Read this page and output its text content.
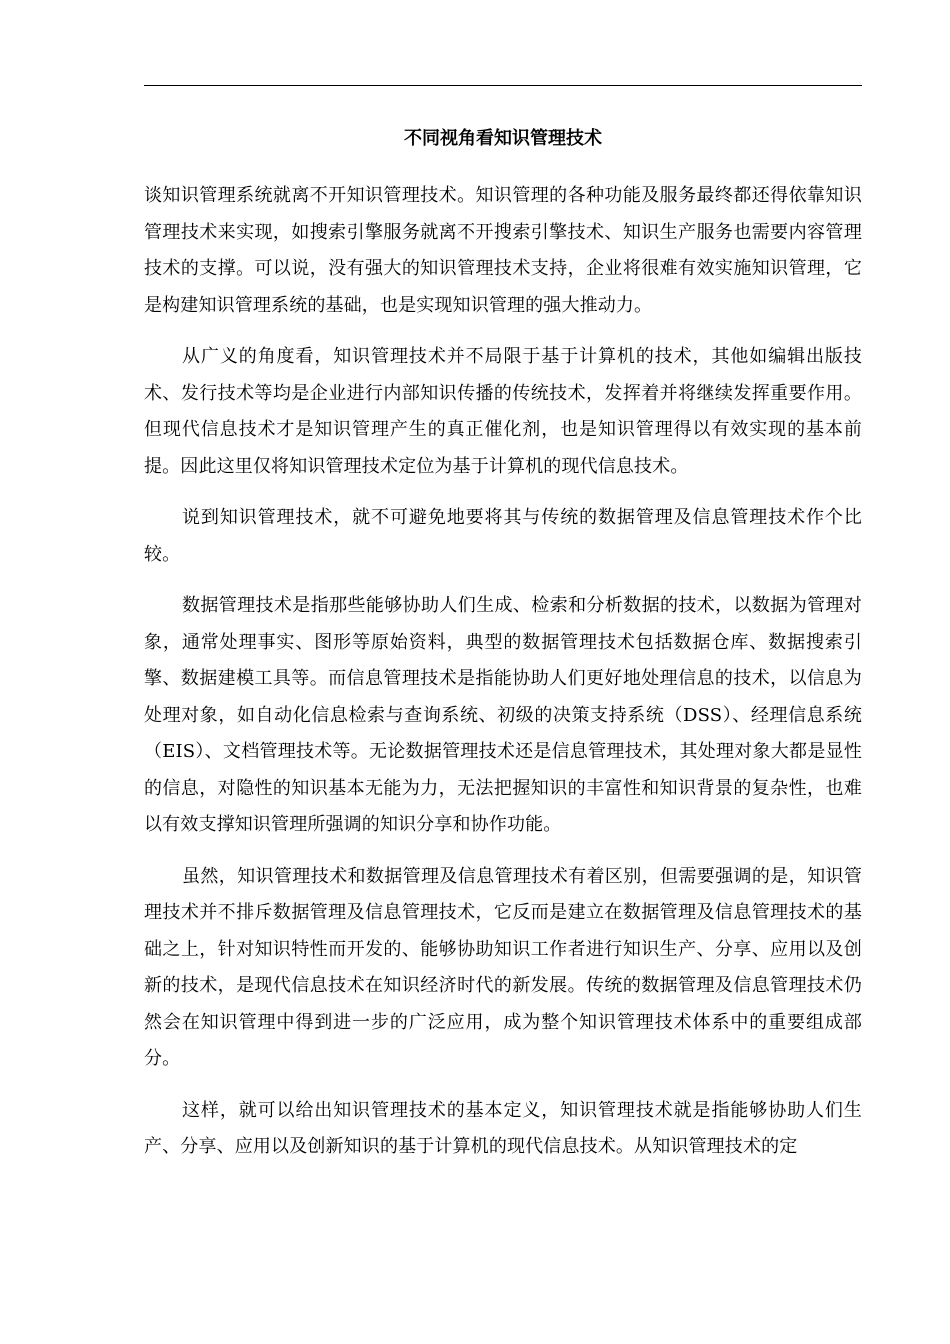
不同视角看知识管理技术

谈知识管理系统就离不开知识管理技术。知识管理的各种功能及服务最终都还得依靠知识管理技术来实现，如搜索引擎服务就离不开搜索引擎技术、知识生产服务也需要内容管理技术的支撑。可以说，没有强大的知识管理技术支持，企业将很难有效实施知识管理，它是构建知识管理系统的基础，也是实现知识管理的强大推动力。

从广义的角度看，知识管理技术并不局限于基于计算机的技术，其他如编辑出版技术、发行技术等均是企业进行内部知识传播的传统技术，发挥着并将继续发挥重要作用。但现代信息技术才是知识管理产生的真正催化剂，也是知识管理得以有效实现的基本前提。因此这里仅将知识管理技术定位为基于计算机的现代信息技术。

说到知识管理技术，就不可避免地要将其与传统的数据管理及信息管理技术作个比较。

数据管理技术是指那些能够协助人们生成、检索和分析数据的技术，以数据为管理对象，通常处理事实、图形等原始资料，典型的数据管理技术包括数据仓库、数据搜索引擎、数据建模工具等。而信息管理技术是指能协助人们更好地处理信息的技术，以信息为处理对象，如自动化信息检索与查询系统、初级的决策支持系统（DSS）、经理信息系统（EIS）、文档管理技术等。无论数据管理技术还是信息管理技术，其处理对象大都是显性的信息，对隐性的知识基本无能为力，无法把握知识的丰富性和知识背景的复杂性，也难以有效支撑知识管理所强调的知识分享和协作功能。

虽然，知识管理技术和数据管理及信息管理技术有着区别，但需要强调的是，知识管理技术并不排斥数据管理及信息管理技术，它反而是建立在数据管理及信息管理技术的基础之上，针对知识特性而开发的、能够协助知识工作者进行知识生产、分享、应用以及创新的技术，是现代信息技术在知识经济时代的新发展。传统的数据管理及信息管理技术仍然会在知识管理中得到进一步的广泛应用，成为整个知识管理技术体系中的重要组成部分。

这样，就可以给出知识管理技术的基本定义，知识管理技术就是指能够协助人们生产、分享、应用以及创新知识的基于计算机的现代信息技术。从知识管理技术的定
